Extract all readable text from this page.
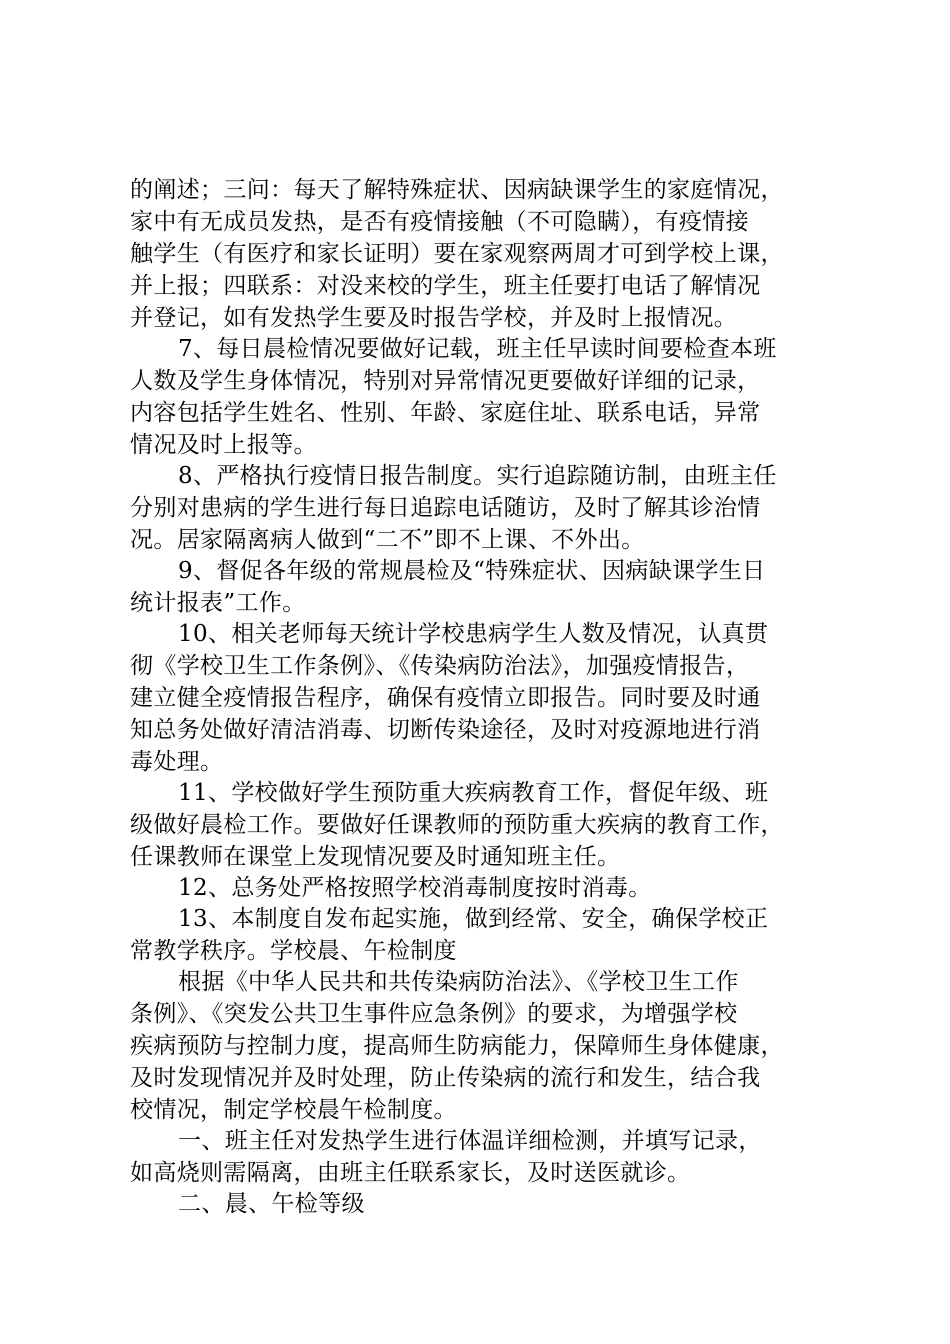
的阐述；三问：每天了解特殊症状、因病缺课学生的家庭情况，
家中有无成员发热，是否有疫情接触（不可隐瞒），有疫情接
触学生（有医疗和家长证明）要在家观察两周才可到学校上课，
并上报；四联系：对没来校的学生，班主任要打电话了解情况
并登记，如有发热学生要及时报告学校，并及时上报情况。
7、每日晨检情况要做好记载，班主任早读时间要检查本班
人数及学生身体情况，特别对异常情况更要做好详细的记录，
内容包括学生姓名、性别、年龄、家庭住址、联系电话，异常
情况及时上报等。
8、严格执行疫情日报告制度。实行追踪随访制，由班主任
分别对患病的学生进行每日追踪电话随访，及时了解其诊治情
况。居家隔离病人做到“二不”即不上课、不外出。
9、督促各年级的常规晨检及“特殊症状、因病缺课学生日
统计报表”工作。
10、相关老师每天统计学校患病学生人数及情况，认真贯
彻《学校卫生工作条例》、《传染病防治法》，加强疫情报告，
建立健全疫情报告程序，确保有疫情立即报告。同时要及时通
知总务处做好清洁消毒、切断传染途径，及时对疫源地进行消
毒处理。
11、学校做好学生预防重大疾病教育工作，督促年级、班
级做好晨检工作。要做好任课教师的预防重大疾病的教育工作，
任课教师在课堂上发现情况要及时通知班主任。
12、总务处严格按照学校消毒制度按时消毒。
13、本制度自发布起实施，做到经常、安全，确保学校正
常教学秩序。学校晨、午检制度
根据《中华人民共和共传染病防治法》、《学校卫生工作
条例》、《突发公共卫生事件应急条例》的要求，为增强学校
疾病预防与控制力度，提高师生防病能力，保障师生身体健康，
及时发现情况并及时处理，防止传染病的流行和发生，结合我
校情况，制定学校晨午检制度。
一、班主任对发热学生进行体温详细检测，并填写记录，
如高烧则需隔离，由班主任联系家长，及时送医就诊。
二、晨、午检等级
